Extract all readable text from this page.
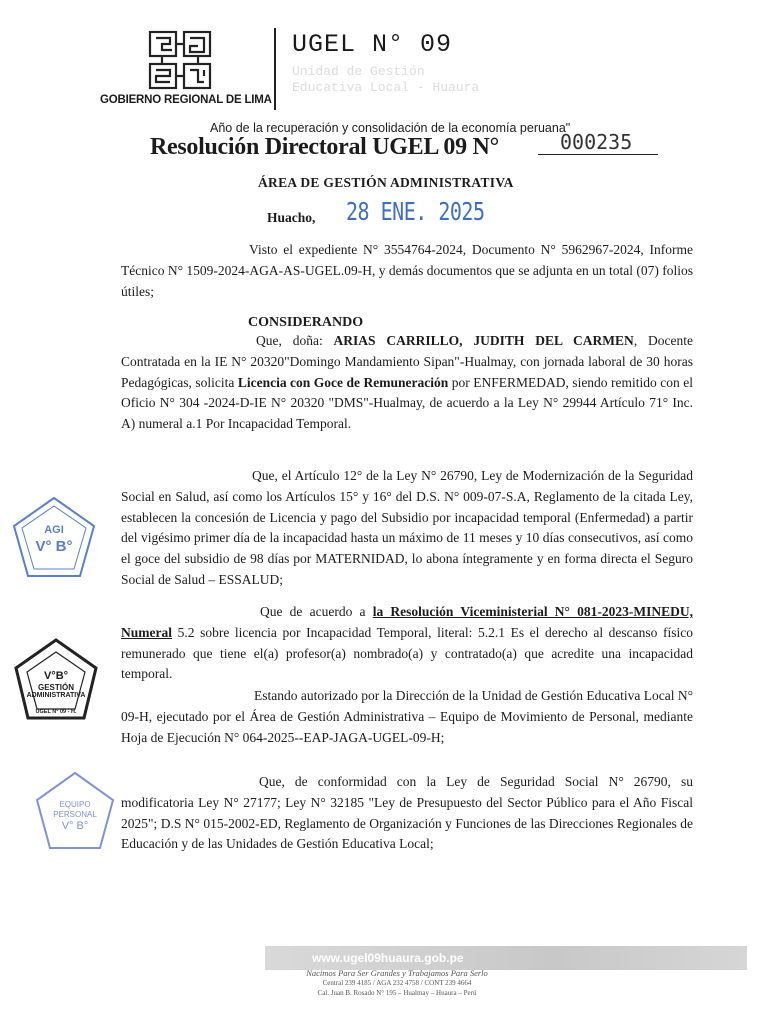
GOBIERNO REGIONAL DE LIMA
UGEL N° 09
Unidad de Gestión
Educativa Local - Huaura
Año de la recuperación y consolidación de la economía peruana"
Resolución Directoral UGEL 09 N°	000235
ÁREA DE GESTIÓN ADMINISTRATIVA
Huacho, 28 ENE. 2025
Visto el expediente N° 3554764-2024, Documento N° 5962967-2024, Informe Técnico N° 1509-2024-AGA-AS-UGEL.09-H, y demás documentos que se adjunta en un total (07) folios útiles;
CONSIDERANDO
Que, doña: ARIAS CARRILLO, JUDITH DEL CARMEN, Docente Contratada en la IE N° 20320"Domingo Mandamiento Sipan"-Hualmay, con jornada laboral de 30 horas Pedagógicas, solicita Licencia con Goce de Remuneración por ENFERMEDAD, siendo remitido con el Oficio N° 304 -2024-D-IE N° 20320 "DMS"-Hualmay, de acuerdo a la Ley N° 29944 Artículo 71° Inc. A) numeral a.1 Por Incapacidad Temporal.
Que, el Artículo 12° de la Ley N° 26790, Ley de Modernización de la Seguridad Social en Salud, así como los Artículos 15° y 16° del D.S. N° 009-07-S.A, Reglamento de la citada Ley, establecen la concesión de Licencia y pago del Subsidio por incapacidad temporal (Enfermedad) a partir del vigésimo primer día de la incapacidad hasta un máximo de 11 meses y 10 días consecutivos, así como el goce del subsidio de 98 días por MATERNIDAD, lo abona íntegramente y en forma directa el Seguro Social de Salud – ESSALUD;
Que de acuerdo a la Resolución Viceministerial N° 081-2023-MINEDU, Numeral 5.2 sobre licencia por Incapacidad Temporal, literal: 5.2.1 Es el derecho al descanso físico remunerado que tiene el(a) profesor(a) nombrado(a) y contratado(a) que acredite una incapacidad temporal.
Estando autorizado por la Dirección de la Unidad de Gestión Educativa Local N° 09-H, ejecutado por el Área de Gestión Administrativa – Equipo de Movimiento de Personal, mediante Hoja de Ejecución N° 064-2025--EAP-JAGA-UGEL-09-H;
Que, de conformidad con la Ley de Seguridad Social N° 26790, su modificatoria Ley N° 27177; Ley N° 32185 "Ley de Presupuesto del Sector Público para el Año Fiscal 2025"; D.S N° 015-2002-ED, Reglamento de Organización y Funciones de las Direcciones Regionales de Educación y de las Unidades de Gestión Educativa Local;
AGI
V° B°
V°B°
GESTIÓN
ADMINISTRATIVA
UGEL N° 09 - H.
EQUIPO
PERSONAL
V° B°
www.ugel09huaura.gob.pe
Nacimos Para Ser Grandes y Trabajamos Para Serlo
Central 239 4185 / AGA 232 4758 / CONT 239 4664
Cal. Juan B. Rosado N° 195 – Hualmay – Huaura – Perú
